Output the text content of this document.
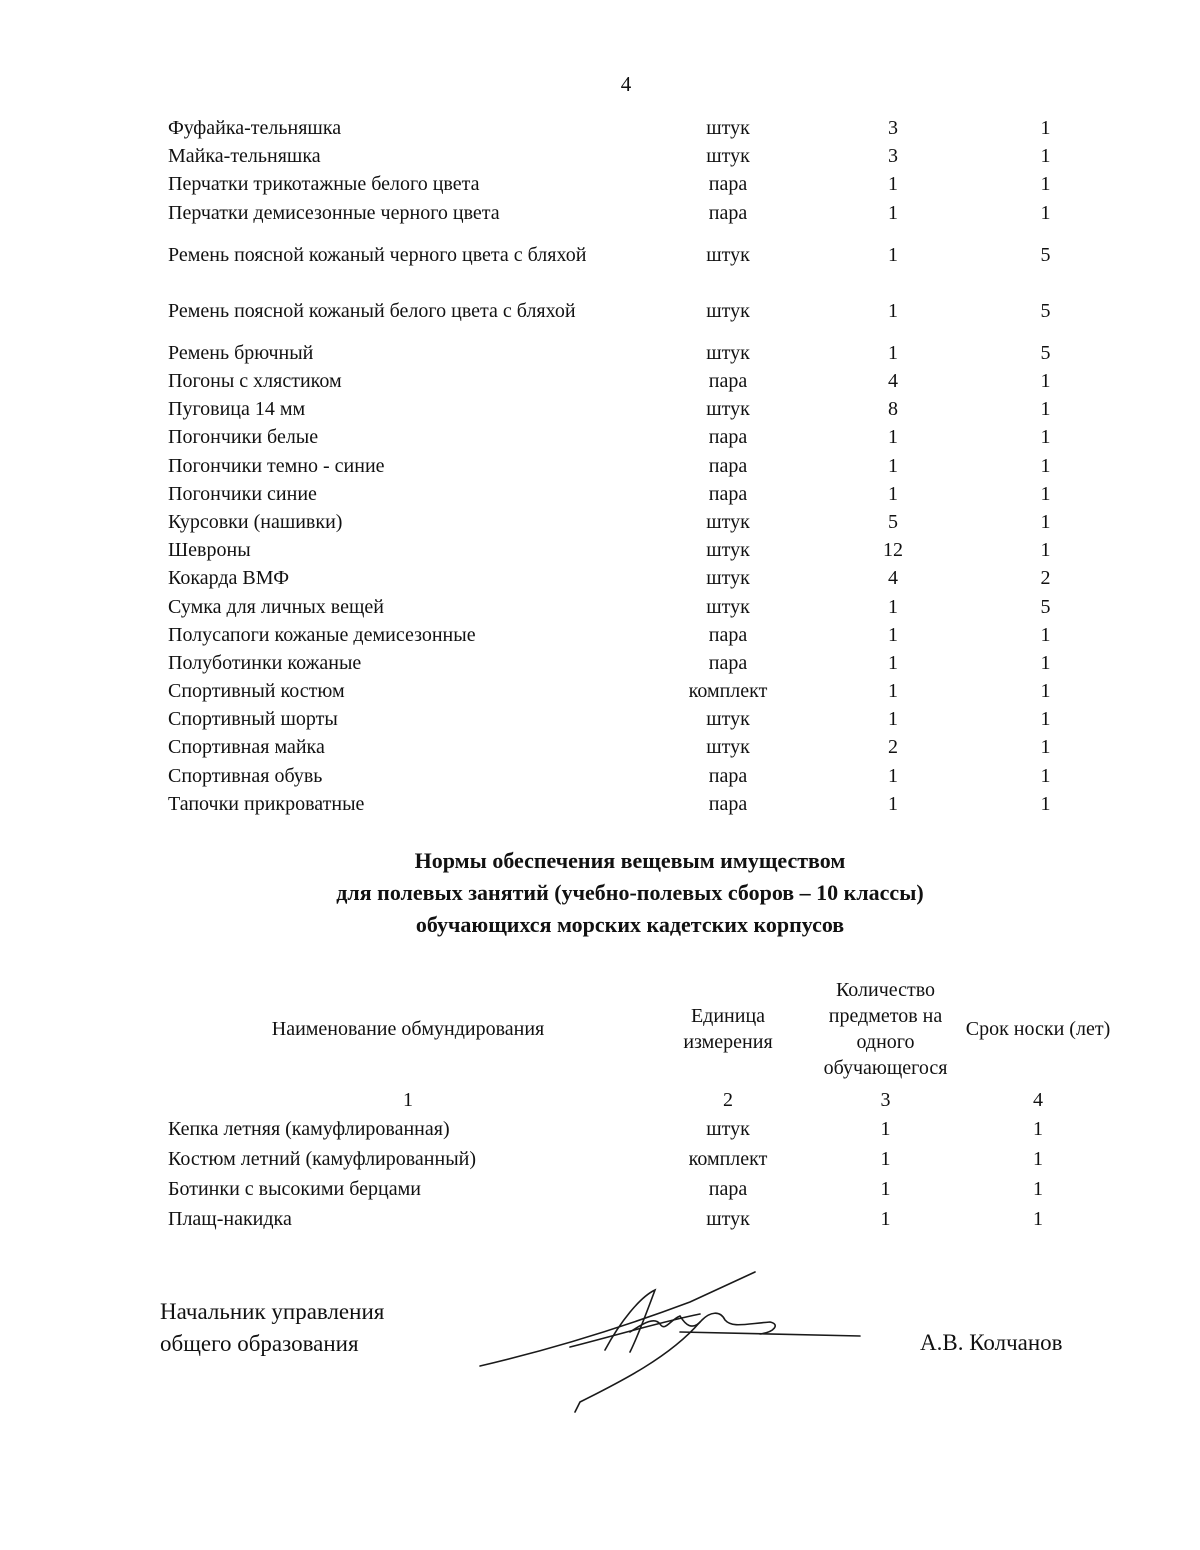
4
Фуфайка-тельняшка	штук	3	1
Майка-тельняшка	штук	3	1
Перчатки трикотажные белого цвета	пара	1	1
Перчатки демисезонные черного цвета	пара	1	1
Ремень поясной кожаный черного цвета с бляхой	штук	1	5
Ремень поясной кожаный белого цвета с бляхой	штук	1	5
Ремень брючный	штук	1	5
Погоны с хлястиком	пара	4	1
Пуговица 14 мм	штук	8	1
Погончики белые	пара	1	1
Погончики темно - синие	пара	1	1
Погончики синие	пара	1	1
Курсовки (нашивки)	штук	5	1
Шевроны	штук	12	1
Кокарда ВМФ	штук	4	2
Сумка для личных вещей	штук	1	5
Полусапоги кожаные демисезонные	пара	1	1
Полуботинки кожаные	пара	1	1
Спортивный костюм	комплект	1	1
Спортивный шорты	штук	1	1
Спортивная майка	штук	2	1
Спортивная обувь	пара	1	1
Тапочки прикроватные	пара	1	1
Нормы обеспечения вещевым имуществом
для полевых занятий (учебно-полевых сборов – 10 классы)
обучающихся морских кадетских корпусов
Наименование обмундирования	Единица измерения	Количество предметов на одного обучающегося	Срок носки (лет)
1	2	3	4
Кепка летняя (камуфлированная)	штук	1	1
Костюм летний (камуфлированный)	комплект	1	1
Ботинки с высокими берцами	пара	1	1
Плащ-накидка	штук	1	1
Начальник управления
общего образования	А.В. Колчанов
